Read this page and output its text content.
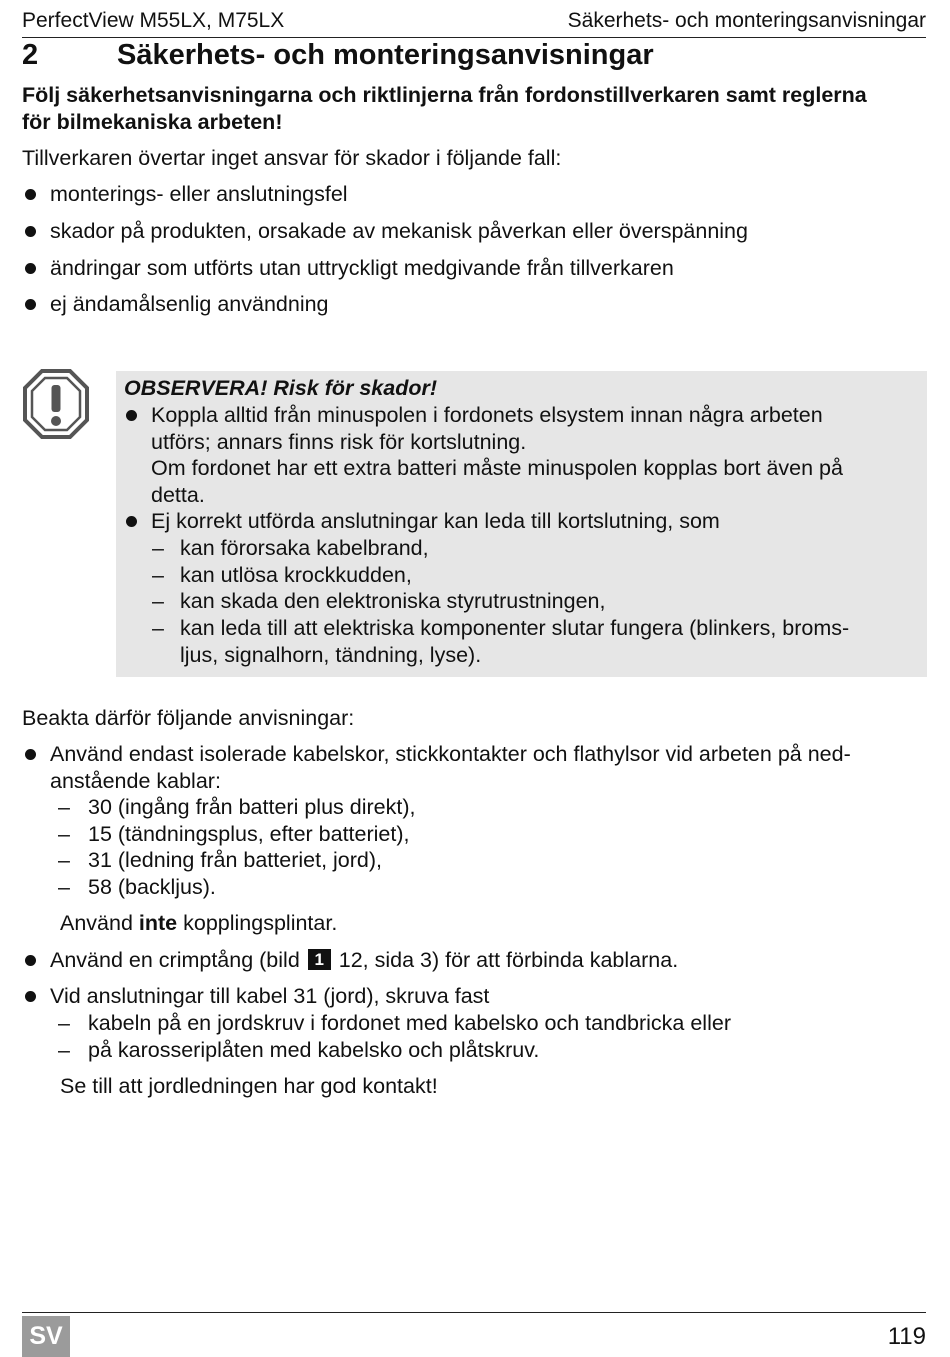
PerfectView M55LX, M75LX	Säkerhets- och monteringsanvisningar
2	Säkerhets- och monteringsanvisningar
Följ säkerhetsanvisningarna och riktlinjerna från fordonstillverkaren samt reglerna
för bilmekaniska arbeten!
Tillverkaren övertar inget ansvar för skador i följande fall:
monterings- eller anslutningsfel
skador på produkten, orsakade av mekanisk påverkan eller överspänning
ändringar som utförts utan uttryckligt medgivande från tillverkaren
ej ändamålsenlig användning
OBSERVERA! Risk för skador!
Koppla alltid från minuspolen i fordonets elsystem innan några arbeten
utförs; annars finns risk för kortslutning.
Om fordonet har ett extra batteri måste minuspolen kopplas bort även på
detta.
Ej korrekt utförda anslutningar kan leda till kortslutning, som
– kan förorsaka kabelbrand,
– kan utlösa krockkudden,
– kan skada den elektroniska styrutrustningen,
– kan leda till att elektriska komponenter slutar fungera (blinkers, broms-
ljus, signalhorn, tändning, lyse).
Beakta därför följande anvisningar:
Använd endast isolerade kabelskor, stickkontakter och flathylsor vid arbeten på ned-
anstående kablar:
– 30 (ingång från batteri plus direkt),
– 15 (tändningsplus, efter batteriet),
– 31 (ledning från batteriet, jord),
– 58 (backljus).
Använd inte kopplingsplintar.
Använd en crimptång (bild 1 12, sida 3) för att förbinda kablarna.
Vid anslutningar till kabel 31 (jord), skruva fast
– kabeln på en jordskruv i fordonet med kabelsko och tandbricka eller
– på karosseriplåten med kabelsko och plåtskruv.
Se till att jordledningen har god kontakt!
SV	119
